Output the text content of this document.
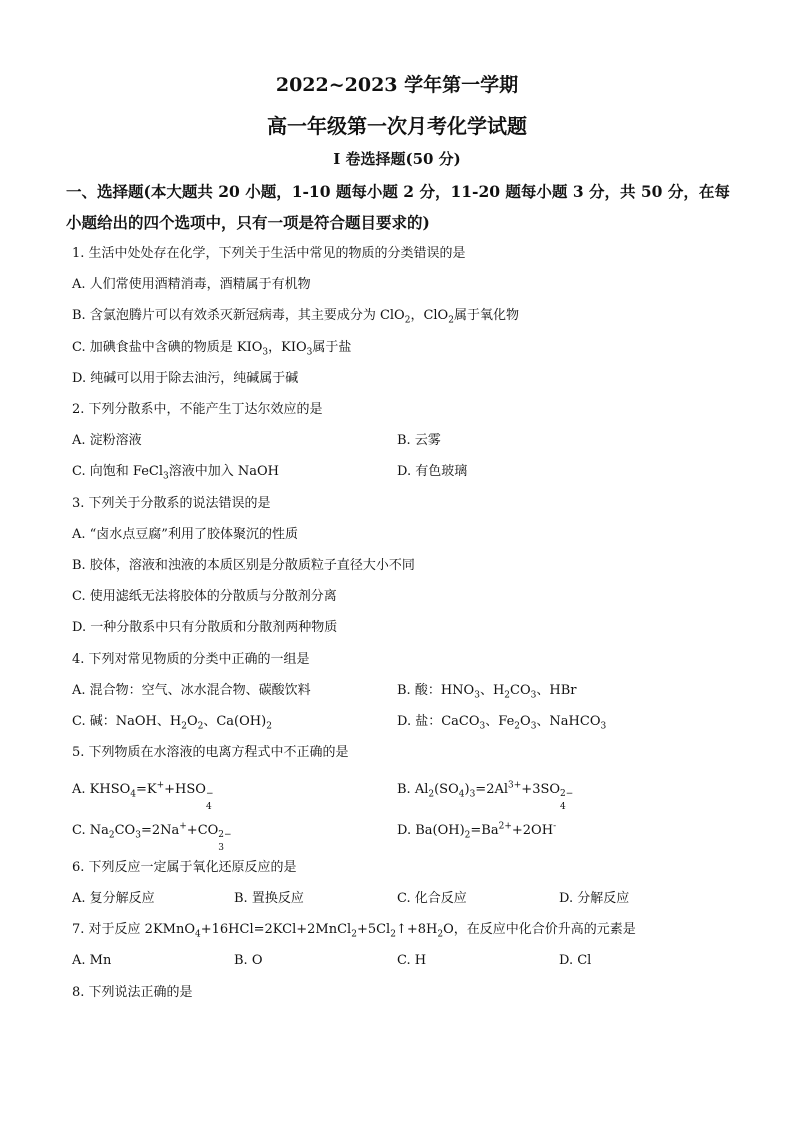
2022~2023 学年第一学期
高一年级第一次月考化学试题
I 卷选择题(50 分)
一、选择题(本大题共 20 小题，1-10 题每小题 2 分，11-20 题每小题 3 分，共 50 分，在每小题给出的四个选项中，只有一项是符合题目要求的)
1. 生活中处处存在化学，下列关于生活中常见的物质的分类错误的是
A. 人们常使用酒精消毒，酒精属于有机物
B. 含氯泡腾片可以有效杀灭新冠病毒，其主要成分为 ClO$_2$，ClO$_2$属于氧化物
C. 加碘食盐中含碘的物质是 $KIO_3$，$KIO_3$属于盐
D. 纯碱可以用于除去油污，纯碱属于碱
2. 下列分散系中，不能产生丁达尔效应的是
A. 淀粉溶液	B. 云雾
C. 向饱和 FeCl$_3$溶液中加入 NaOH	D. 有色玻璃
3. 下列关于分散系的说法错误的是
A. “卤水点豆腐”利用了胶体聚沉的性质
B. 胶体，溶液和浊液的本质区别是分散质粒子直径大小不同
C. 使用滤纸无法将胶体的分散质与分散剂分离
D. 一种分散系中只有分散质和分散剂两种物质
4. 下列对常见物质的分类中正确的一组是
A. 混合物：空气、冰水混合物、碳酸饮料	B. 酸：$HNO_3$、$H_2CO_3$、HBr
C. 碱：NaOH、$H_2O_2$、$Ca(OH)_2$	D. 盐：CaCO$_3$、$Fe_2O_3$、NaHCO$_3$
5. 下列物质在水溶液的电离方程式中不正确的是
A. $KHSO_4=K^++HSO$ −
4
B. $Al_2(SO_4)_3=2Al^{3+}+3SO$ 2−
4
C. $Na_2CO_3=2Na^++CO$ 2−
3
D. $Ba(OH)_2=Ba^{2+}+2OH^-$
6. 下列反应一定属于氧化还原反应的是
A. 复分解反应	B. 置换反应	C. 化合反应	D. 分解反应
7. 对于反应 $2KMnO_4+16HCl=2KCl+2MnCl_2+5Cl_2↑+8H_2O$，在反应中化合价升高的元素是
A. Mn	B. O	C. H	D. Cl
8. 下列说法正确的是
